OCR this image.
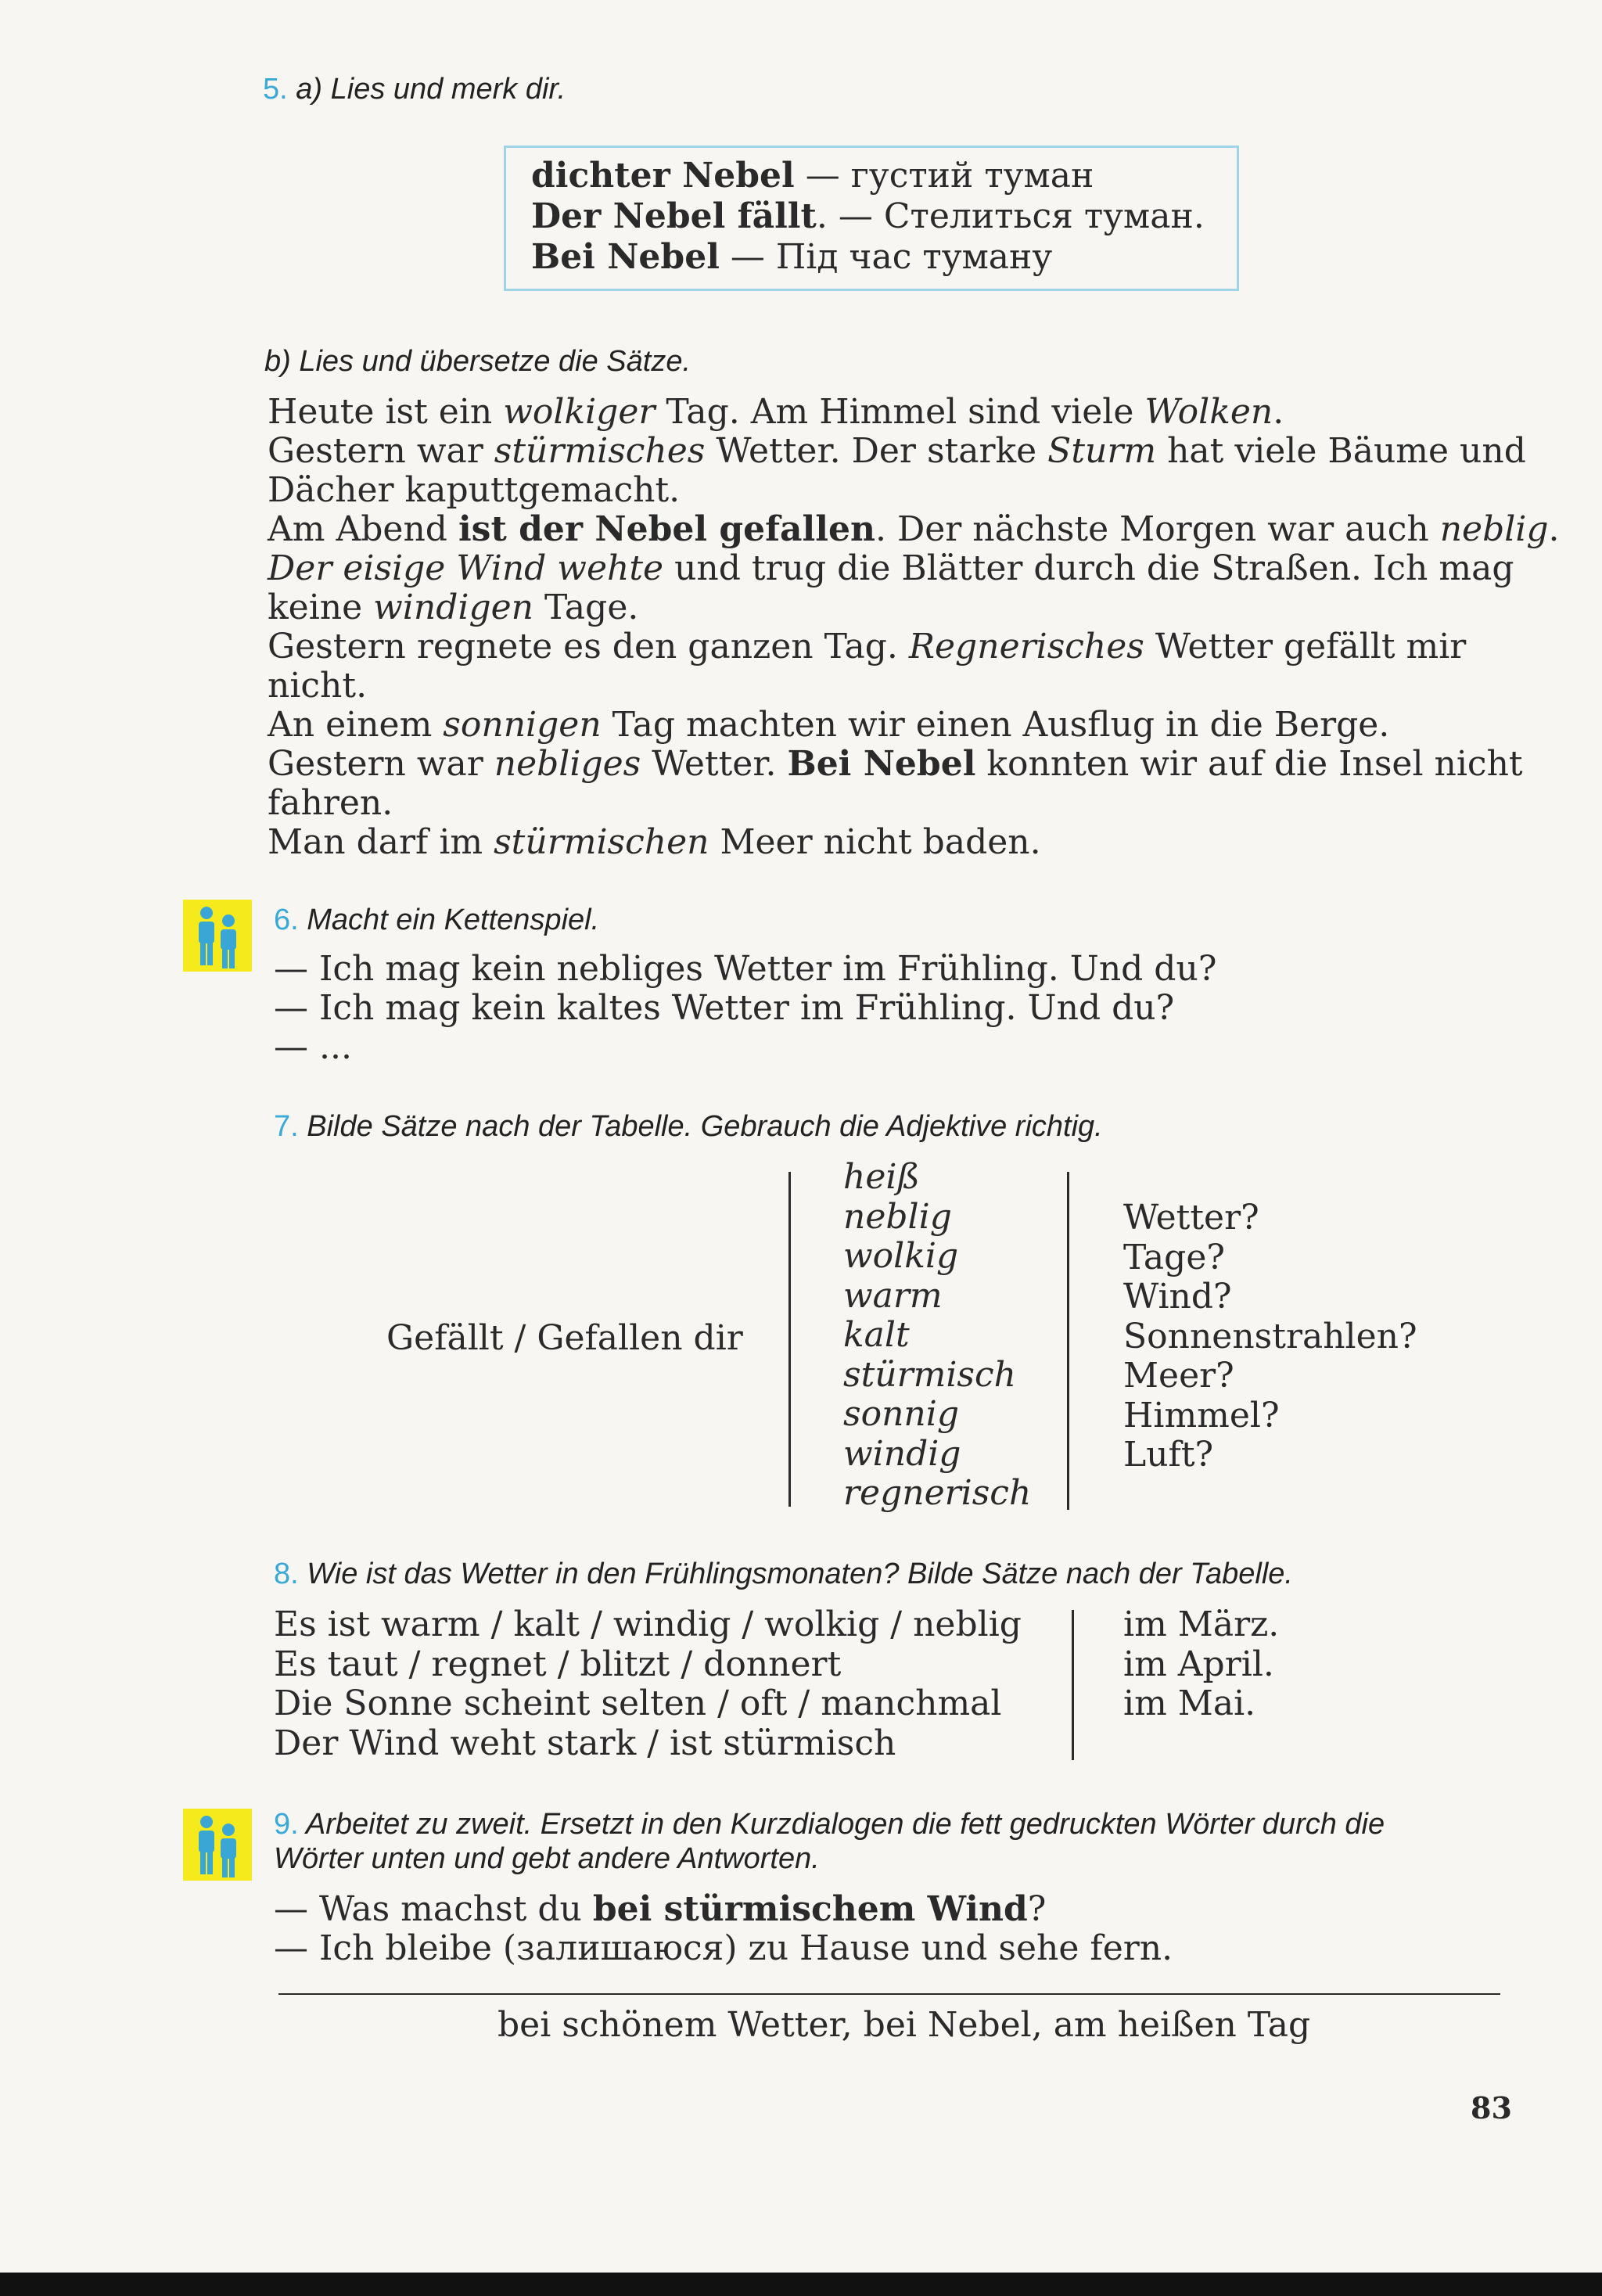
5. a) Lies und merk dir.
dichter Nebel — густий туман
Der Nebel fällt. — Стелиться туман.
Bei Nebel — Під час туману
b) Lies und übersetze die Sätze.
Heute ist ein wolkiger Tag. Am Himmel sind viele Wolken.
Gestern war stürmisches Wetter. Der starke Sturm hat viele Bäume und
Dächer kaputtgemacht.
Am Abend ist der Nebel gefallen. Der nächste Morgen war auch neblig.
Der eisige Wind wehte und trug die Blätter durch die Straßen. Ich mag
keine windigen Tage.
Gestern regnete es den ganzen Tag. Regnerisches Wetter gefällt mir
nicht.
An einem sonnigen Tag machten wir einen Ausflug in die Berge.
Gestern war nebliges Wetter. Bei Nebel konnten wir auf die Insel nicht
fahren.
Man darf im stürmischen Meer nicht baden.
6. Macht ein Kettenspiel.
— Ich mag kein nebliges Wetter im Frühling. Und du?
— Ich mag kein kaltes Wetter im Frühling. Und du?
— ...
7. Bilde Sätze nach der Tabelle. Gebrauch die Adjektive richtig.
Gefällt / Gefallen dir
heiß
neblig
wolkig
warm
kalt
stürmisch
sonnig
windig
regnerisch
Wetter?
Tage?
Wind?
Sonnenstrahlen?
Meer?
Himmel?
Luft?
8. Wie ist das Wetter in den Frühlingsmonaten? Bilde Sätze nach der Tabelle.
Es ist warm / kalt / windig / wolkig / neblig
Es taut / regnet / blitzt / donnert
Die Sonne scheint selten / oft / manchmal
Der Wind weht stark / ist stürmisch
im März.
im April.
im Mai.
9. Arbeitet zu zweit. Ersetzt in den Kurzdialogen die fett gedruckten Wörter durch die
Wörter unten und gebt andere Antworten.
— Was machst du bei stürmischem Wind?
— Ich bleibe (залишаюся) zu Hause und sehe fern.
bei schönem Wetter, bei Nebel, am heißen Tag
83
